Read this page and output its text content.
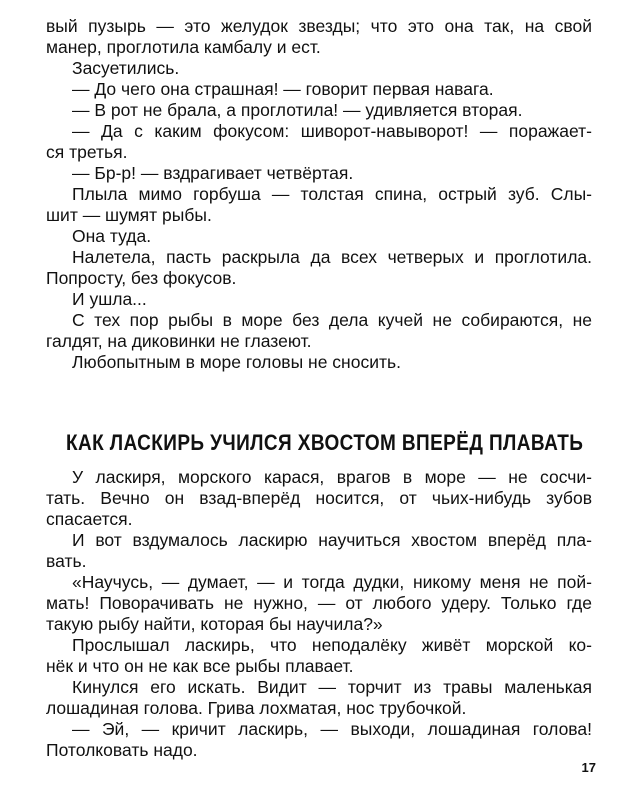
вый пузырь — это желудок звезды; что это она так, на свой
манер, проглотила камбалу и ест.
Засуетились.
— До чего она страшная! — говорит первая навага.
— В рот не брала, а проглотила! — удивляется вторая.
— Да с каким фокусом: шиворот-навыворот! — поражает-
ся третья.
— Бр-р! — вздрагивает четвёртая.
Плыла мимо горбуша — толстая спина, острый зуб. Слы-
шит — шумят рыбы.
Она туда.
Налетела, пасть раскрыла да всех четверых и проглотила.
Попросту, без фокусов.
И ушла...
С тех пор рыбы в море без дела кучей не собираются, не
галдят, на диковинки не глазеют.
Любопытным в море головы не сносить.
КАК ЛАСКИРЬ УЧИЛСЯ ХВОСТОМ ВПЕРЁД ПЛАВАТЬ
У ласкиря, морского карася, врагов в море — не сосчи-
тать. Вечно он взад-вперёд носится, от чьих-нибудь зубов
спасается.
И вот вздумалось ласкирю научиться хвостом вперёд пла-
вать.
«Научусь, — думает, — и тогда дудки, никому меня не пой-
мать! Поворачивать не нужно, — от любого удеру. Только где
такую рыбу найти, которая бы научила?»
Прослышал ласкирь, что неподалёку живёт морской ко-
нёк и что он не как все рыбы плавает.
Кинулся его искать. Видит — торчит из травы маленькая
лошадиная голова. Грива лохматая, нос трубочкой.
— Эй, — кричит ласкирь, — выходи, лошадиная голова!
Потолковать надо.
17
